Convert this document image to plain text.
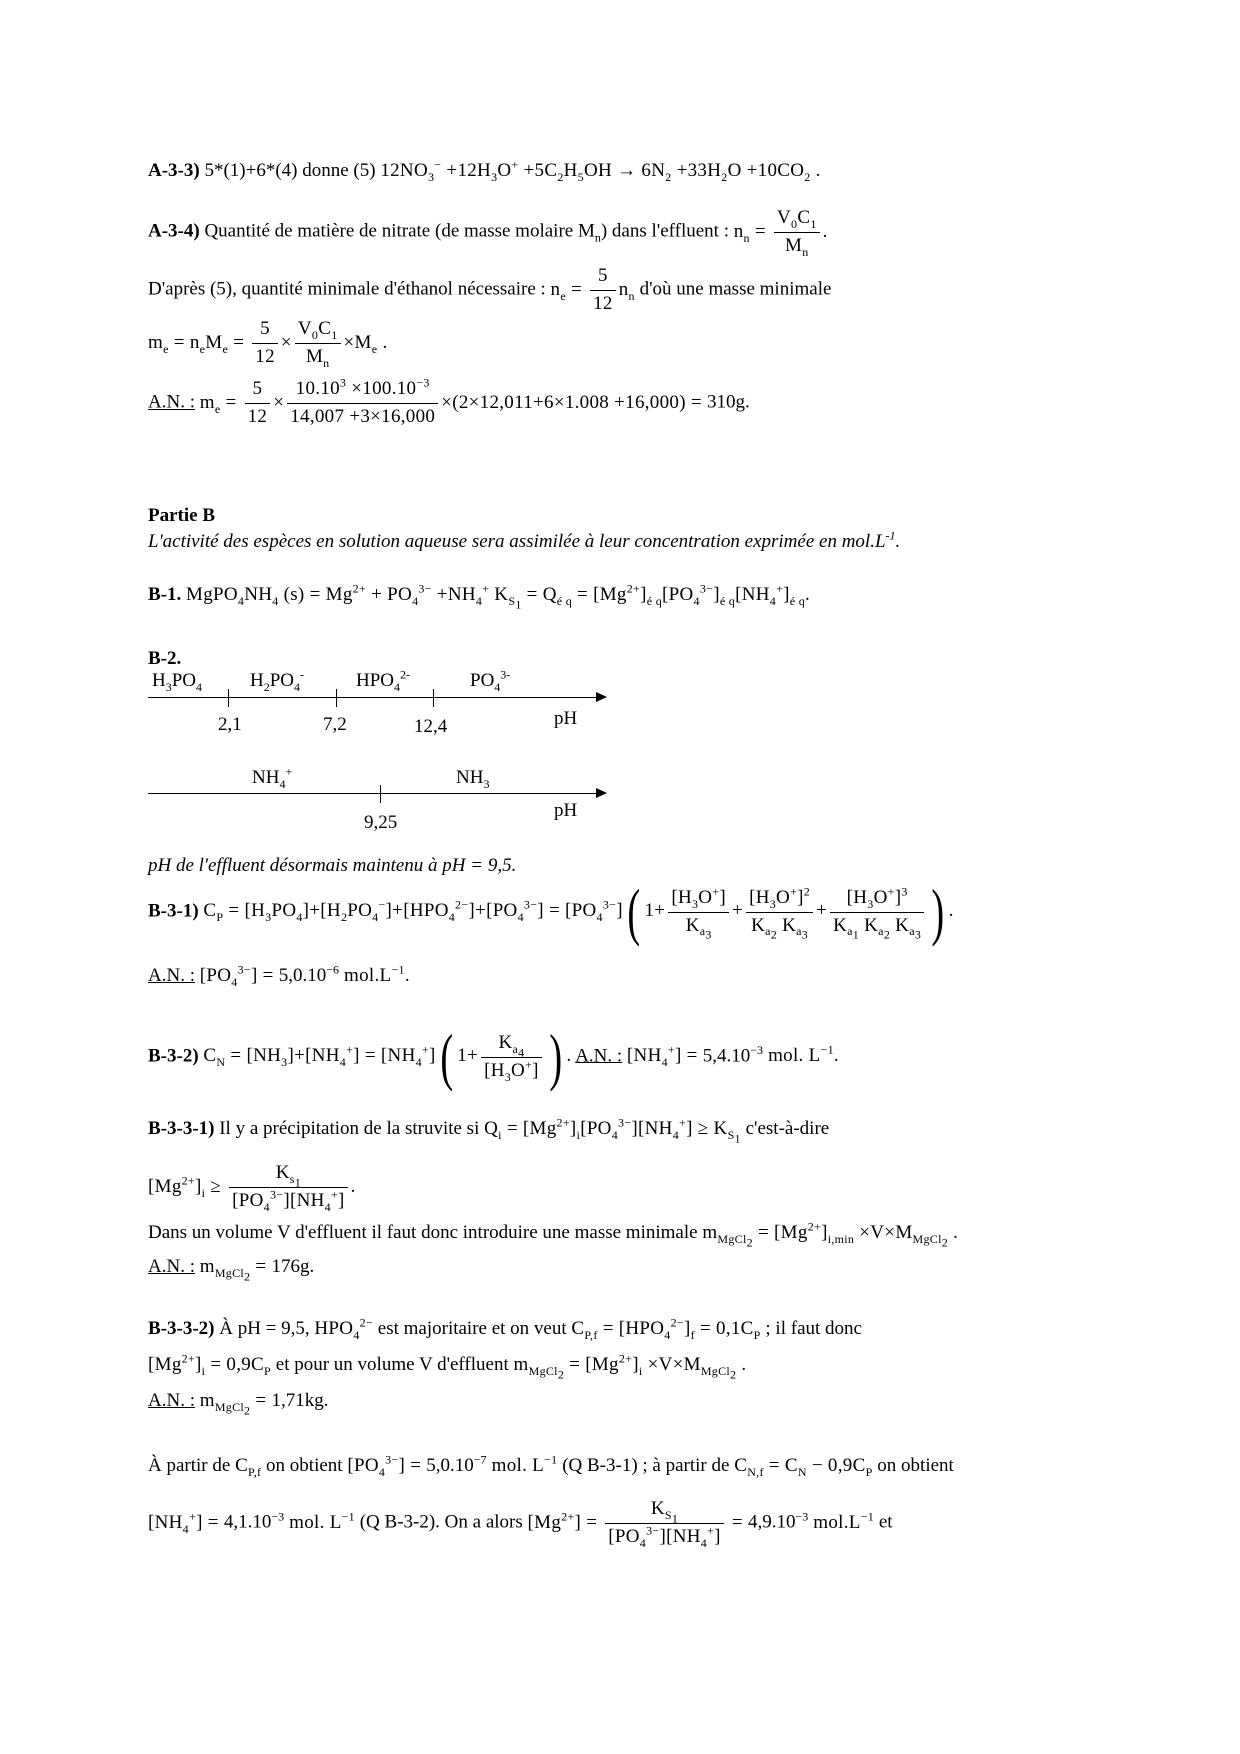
A-3-3) 5*(1)+6*(4) donne (5) $12NO_3^- +12H_3O^+ +5C_2H_5OH \to 6N_2 +33H_2O +10CO_2$ .
A-3-4) Quantité de matière de nitrate (de masse molaire $M_n$) dans l'effluent : $n_n = \frac{V_0C_1}{M_n}$ .
D'après (5), quantité minimale d'éthanol nécessaire : $n_e = \frac{5}{12} n_n$ d'où une masse minimale
$m_e = n_eM_e = \frac{5}{12} \times \frac{V_0C_1}{M_n} \times M_e$ .
A.N. : $m_e = \frac{5}{12} \times \frac{10.10^3 \times 100.10^{-3}}{14,007 +3\times 16,000} \times(2\times 12,011+6\times 1.008 +16,000) = 310g$.
Partie B
L'activité des espèces en solution aqueuse sera assimilée à leur concentration exprimée en $mol.L^{-1}$.
B-1. $MgPO_4NH_4$ $(s) = Mg^{2+} + PO_4^{3-} +NH_4^+$ $K_{S_1} = Q_{é q} = [Mg^{2+}]_{é q}[PO_4^{3-}]_{é q}[NH_4^+]_{é q}$.
B-2.
$H_3PO_4$	$H_2PO_4^-$	$HPO_4^{2-}$	$PO_4^{3-}$
2,1	7,2	12,4	pH
$NH_4^+$	$NH_3$
9,25
pH
pH de l'effluent désormais maintenu à pH = 9,5.
B-3-1) $C_P = [H_3PO_4]+[H_2PO_4^-]+[HPO_4^{2-}]+[PO_4^{3-}] = [PO_4^{3-}]$( $1+ \frac{[H_3O^+]}{K_{a_3}} + \frac{[H_3O^+]^2}{K_{a_2} K_{a_3}} + \frac{[H_3O^+]^3}{K_{a_1} K_{a_2} K_{a_3}}$ ) .
A.N. : $[PO_4^{3-}] = 5,0.10^{-6}$ $mol.L^{-1}$.
B-3-2) $C_N = [NH_3]+[NH_4^+] = [NH_4^+]$( $1+ \frac{K_{a_4}}{[H_3O^+]}$ ) . A.N. : $[NH_4^+] = 5,4.10^{-3}$ mol. $L^{-1}$.
B-3-3-1) Il y a précipitation de la struvite si $Q_i = [Mg^{2+}]_i[PO_4^{3-}][NH_4^+] \ge K_{S_1}$ c'est-à-dire
$[Mg^{2+}]_i \ge \frac{K_{s_1}}{[PO_4^{3-}][NH_4^+]}$ .
Dans un volume V d'effluent il faut donc introduire une masse minimale $m_{MgCl_2} = [Mg^{2+}]_{i,min} \times V\times M_{MgCl_2}$ .
A.N. : $m_{MgCl_2} = 176g$.
B-3-3-2) À pH = 9,5, $HPO_4^{2-}$ est majoritaire et on veut $C_{P,f} = [HPO_4^{2-}]_f = 0,1C_P$ ; il faut donc
$[Mg^{2+}]_i = 0,9C_P$ et pour un volume V d'effluent $m_{MgCl_2} = [Mg^{2+}]_i \times V\times M_{MgCl_2}$ .
A.N. : $m_{MgCl_2} = 1,71kg$.
À partir de $C_{P,f}$ on obtient $[PO_4^{3-}] = 5,0.10^{-7}$ mol. $L^{-1}$ (Q B-3-1) ; à partir de $C_{N,f} = C_N - 0,9C_P$ on obtient
$[NH_4^+] = 4,1.10^{-3}$ mol. $L^{-1}$ (Q B-3-2). On a alors $[Mg^{2+}] = \frac{K_{S_1}}{[PO_4^{3-}][NH_4^+]} = 4,9.10^{-3}$ $mol.L^{-1}$ et
